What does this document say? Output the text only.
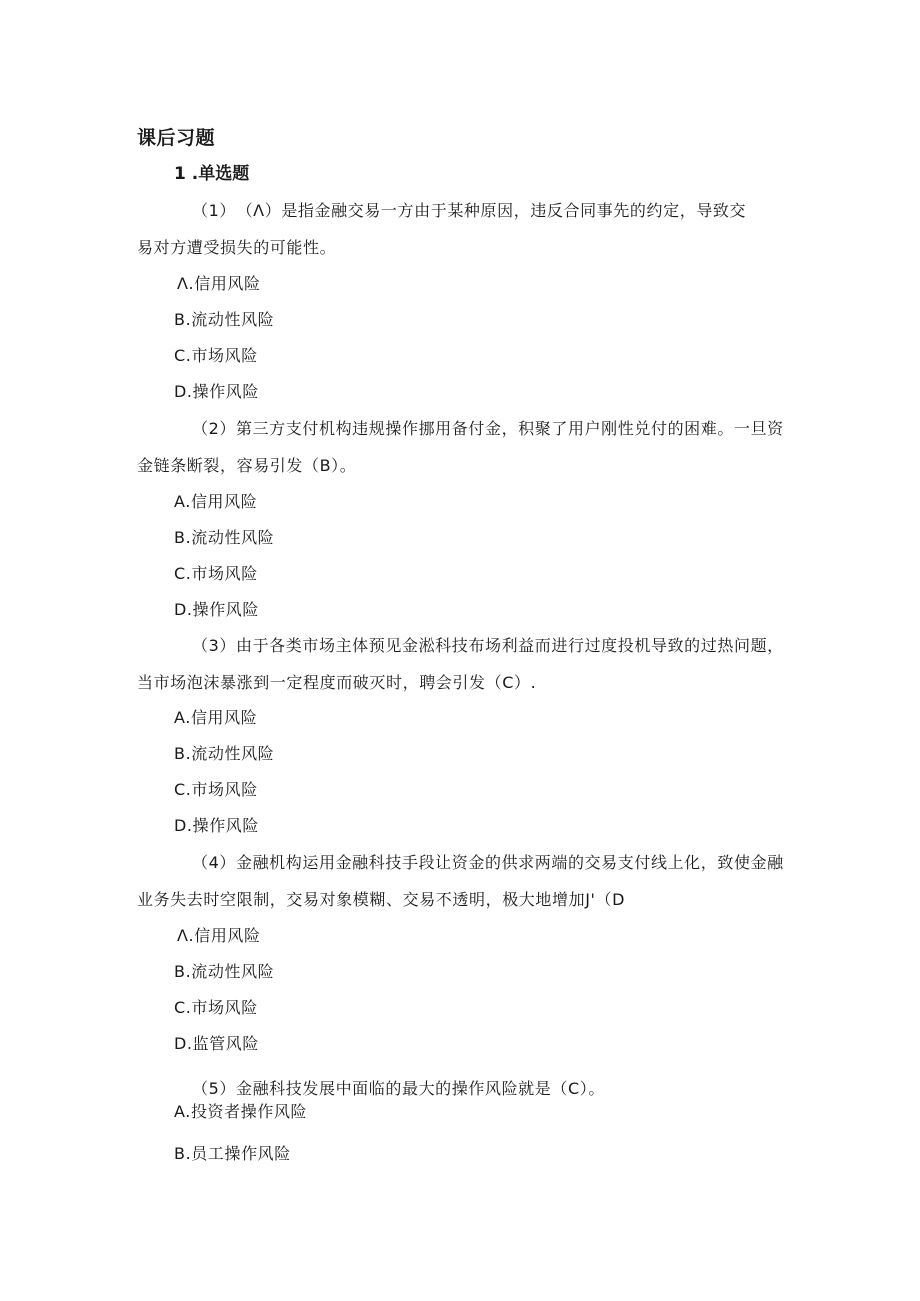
课后习题
1 .单选题
（1）　（Λ）是指金融交易一方由于某种原因，违反合同事先的约定，导致交
易对方遭受损失的可能性。
Λ.信用风险
B.流动性风险
C.市场风险
D.操作风险
（2）第三方支付机构违规操作挪用备付金，积聚了用户刚性兑付的困难。一旦资
金链条断裂，容易引发（B）。
A.信用风险
B.流动性风险
C.市场风险
D.操作风险
（3）由于各类市场主体预见金淞科技布场利益而进行过度投机导致的过热问题，
当市场泡沫暴涨到一定程度而破灭时，聘会引发（C）.
A.信用风险
B.流动性风险
C.市场风险
D.操作风险
（4）金融机构运用金融科技手段让资金的供求两端的交易支付线上化，致使金融
业务失去时空限制，交易对象模糊、交易不透明，极大地增加J'（D
Λ.信用风险
B.流动性风险
C.市场风险
D.监管风险
（5）金融科技发展中面临的最大的操作风险就是（C）。
A.投资者操作风险
B.员工操作风险
